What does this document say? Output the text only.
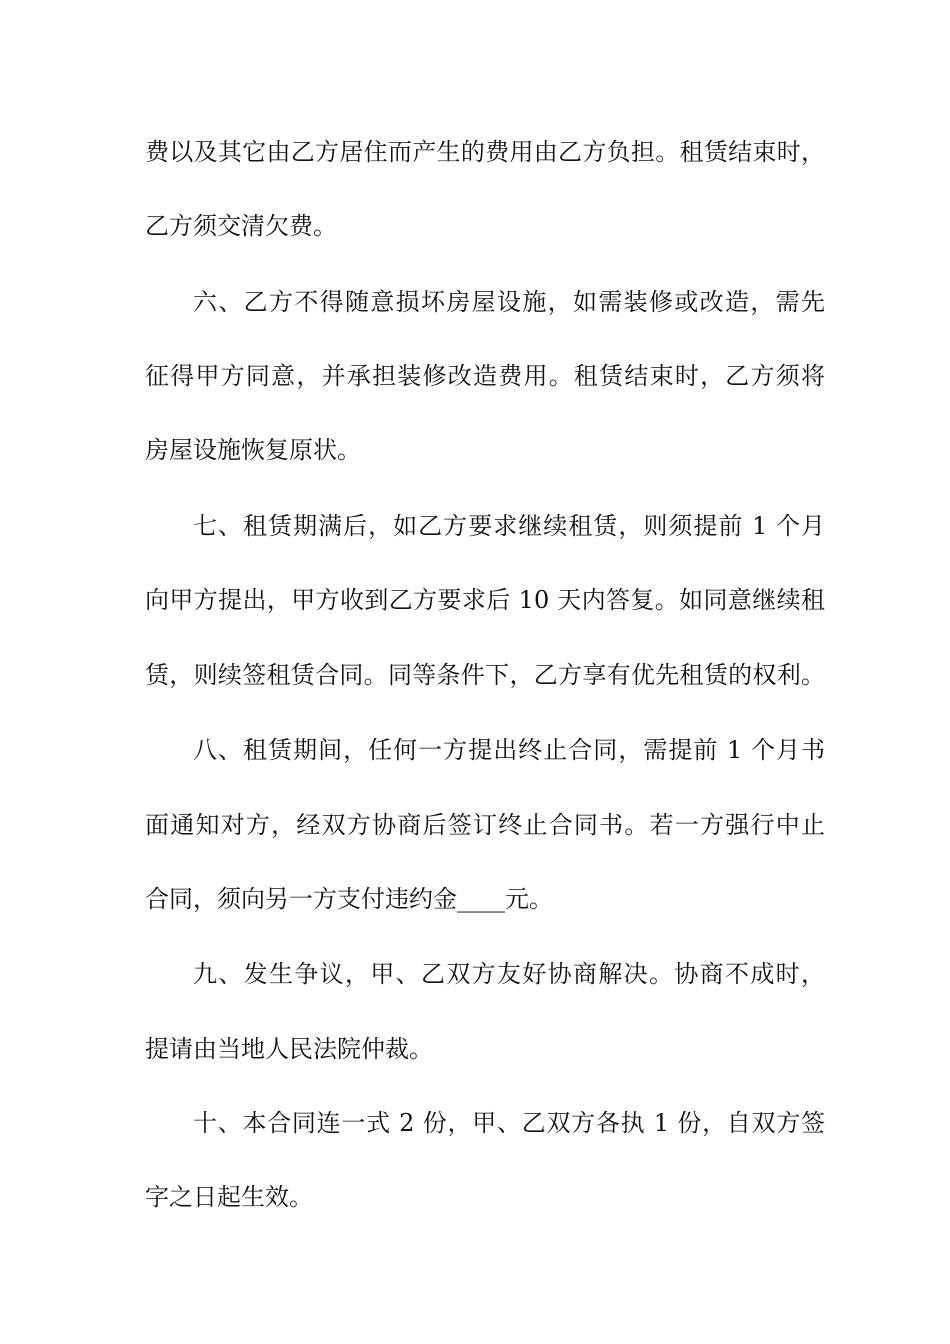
费以及其它由乙方居住而产生的费用由乙方负担。租赁结束时，
乙方须交清欠费。
六、乙方不得随意损坏房屋设施，如需装修或改造，需先
征得甲方同意，并承担装修改造费用。租赁结束时，乙方须将
房屋设施恢复原状。
七、租赁期满后，如乙方要求继续租赁，则须提前 1 个月
向甲方提出，甲方收到乙方要求后 10 天内答复。如同意继续租
赁，则续签租赁合同。同等条件下，乙方享有优先租赁的权利。
八、租赁期间，任何一方提出终止合同，需提前 1 个月书
面通知对方，经双方协商后签订终止合同书。若一方强行中止
合同，须向另一方支付违约金____元。
九、发生争议，甲、乙双方友好协商解决。协商不成时，
提请由当地人民法院仲裁。
十、本合同连一式 2 份，甲、乙双方各执 1 份，自双方签
字之日起生效。
